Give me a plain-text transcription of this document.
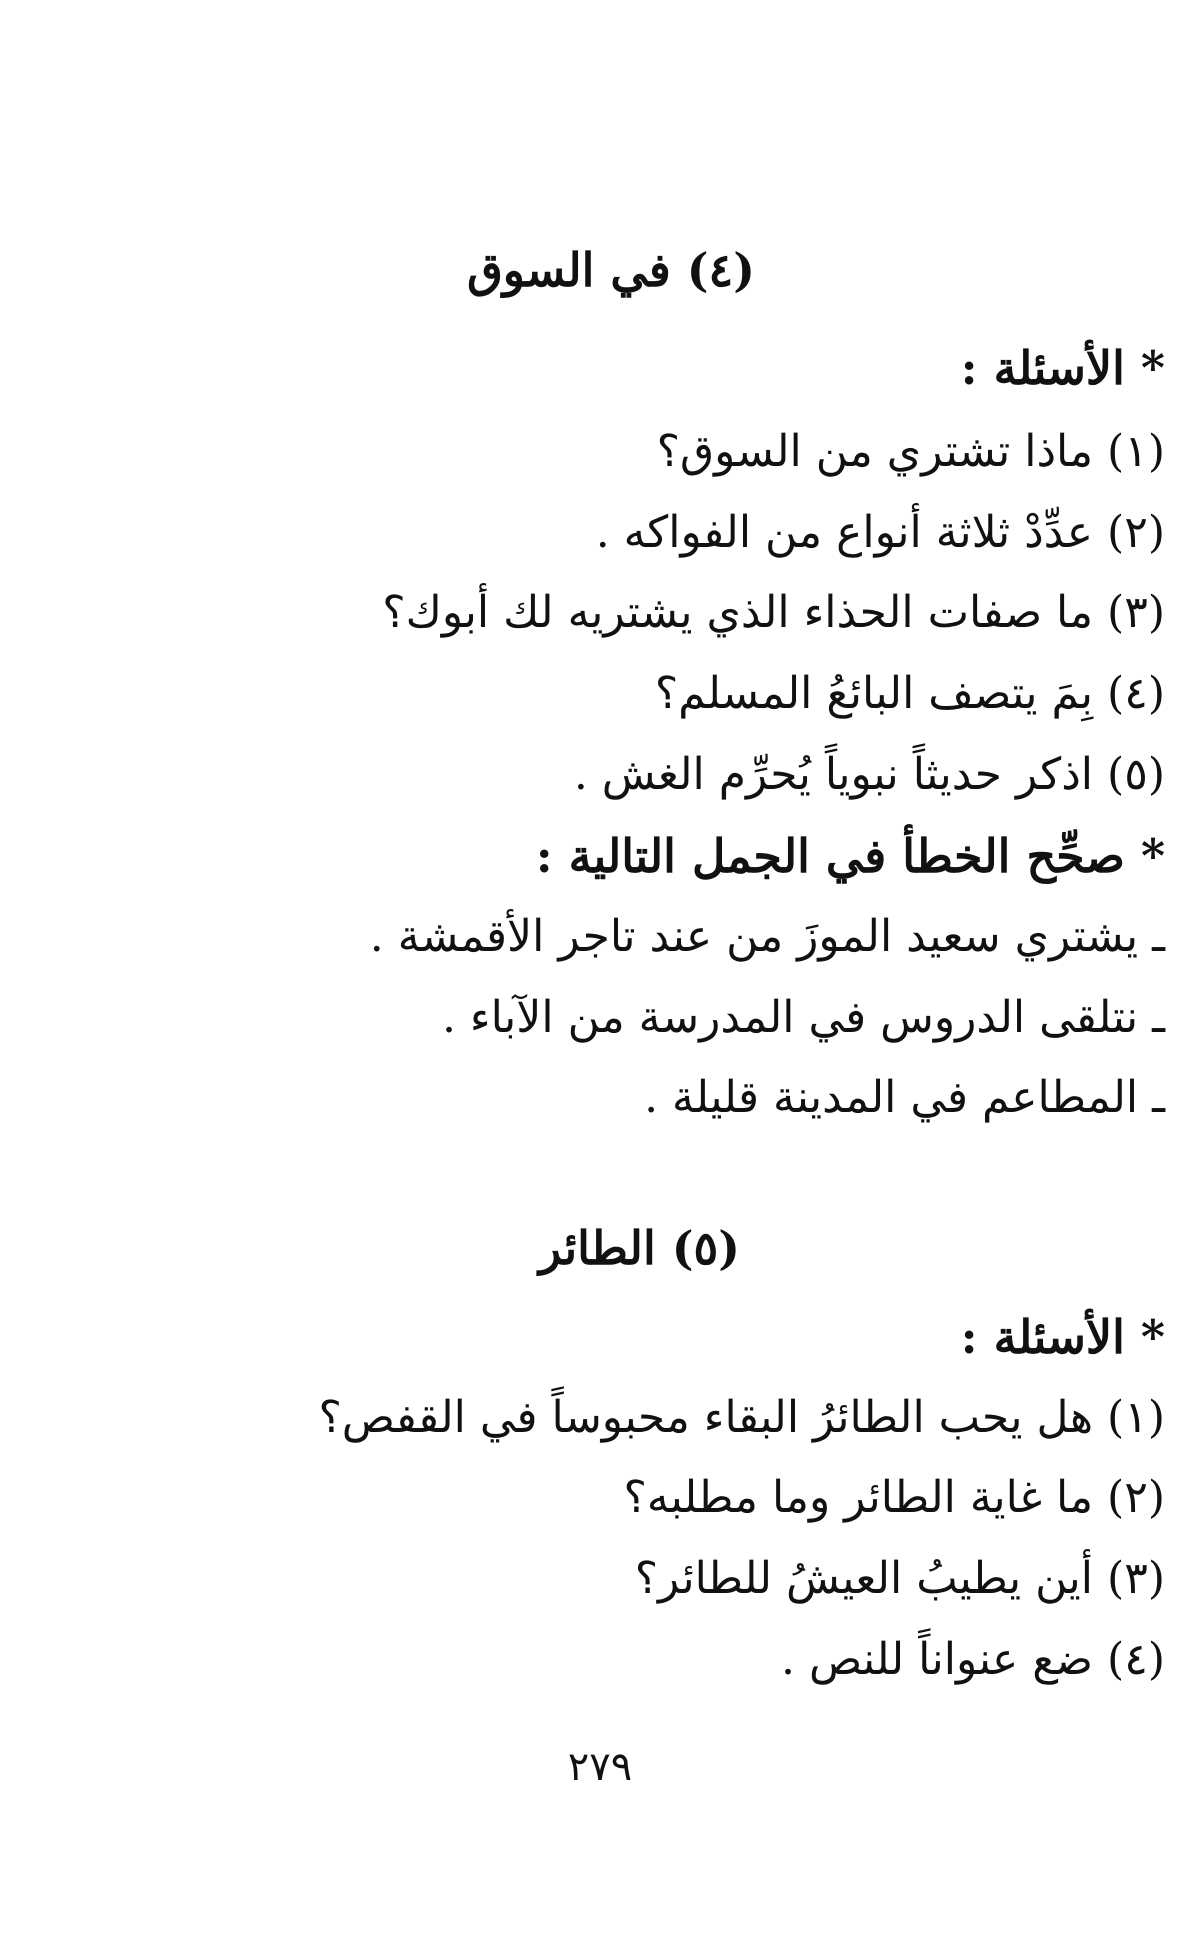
(٤) في السوق
* الأسئلة :
(١) ماذا تشتري من السوق؟
(٢) عدِّدْ ثلاثة أنواع من الفواكه .
(٣) ما صفات الحذاء الذي يشتريه لك أبوك؟
(٤) بِمَ يتصف البائعُ المسلم؟
(٥) اذكر حديثاً نبوياً يُحرِّم الغش .
* صحِّح الخطأ في الجمل التالية :
ـ يشتري سعيد الموزَ من عند تاجر الأقمشة .
ـ نتلقى الدروس في المدرسة من الآباء .
ـ المطاعم في المدينة قليلة .
(٥) الطائر
* الأسئلة :
(١) هل يحب الطائرُ البقاء محبوساً في القفص؟
(٢) ما غاية الطائر وما مطلبه؟
(٣) أين يطيبُ العيشُ للطائر؟
(٤) ضع عنواناً للنص .
٢٧٩
